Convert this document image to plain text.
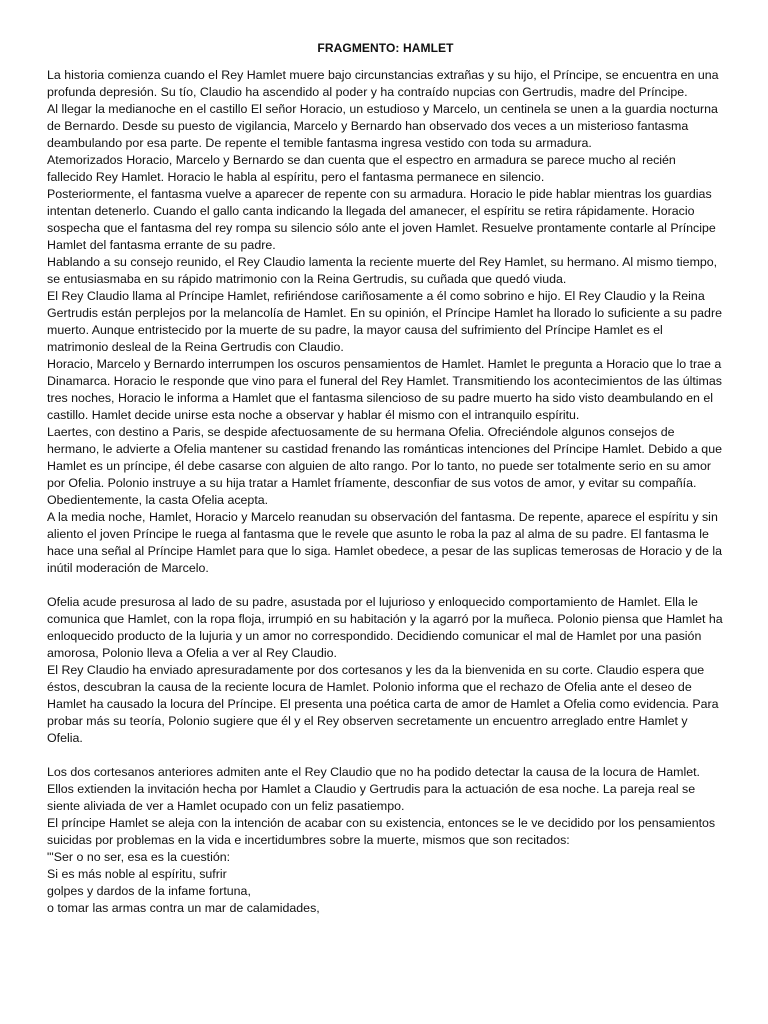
FRAGMENTO: HAMLET

La historia comienza cuando el Rey Hamlet muere bajo circunstancias extrañas y su hijo, el Príncipe, se encuentra en una profunda depresión. Su tío, Claudio ha ascendido al poder y ha contraído nupcias con Gertrudis, madre del Príncipe.

Al llegar la medianoche en el castillo El señor Horacio, un estudioso y Marcelo, un centinela se unen a la guardia nocturna de Bernardo. Desde su puesto de vigilancia, Marcelo y Bernardo han observado dos veces a un misterioso fantasma deambulando por esa parte. De repente el temible fantasma ingresa vestido con toda su armadura.

Atemorizados Horacio, Marcelo y Bernardo se dan cuenta que el espectro en armadura se parece mucho al recién fallecido Rey Hamlet. Horacio le habla al espíritu, pero el fantasma permanece en silencio.

Posteriormente, el fantasma vuelve a aparecer de repente con su armadura. Horacio le pide hablar mientras los guardias intentan detenerlo. Cuando el gallo canta indicando la llegada del amanecer, el espíritu se retira rápidamente. Horacio sospecha que el fantasma del rey rompa su silencio sólo ante el joven Hamlet. Resuelve prontamente contarle al Príncipe Hamlet del fantasma errante de su padre.

Hablando a su consejo reunido, el Rey Claudio lamenta la reciente muerte del Rey Hamlet, su hermano. Al mismo tiempo, se entusiasmaba en su rápido matrimonio con la Reina Gertrudis, su cuñada que quedó viuda.

El Rey Claudio llama al Príncipe Hamlet, refiriéndose cariñosamente a él como sobrino e hijo. El Rey Claudio y la Reina Gertrudis están perplejos por la melancolía de Hamlet. En su opinión, el Príncipe Hamlet ha llorado lo suficiente a su padre muerto. Aunque entristecido por la muerte de su padre, la mayor causa del sufrimiento del Príncipe Hamlet es el matrimonio desleal de la Reina Gertrudis con Claudio.

Horacio, Marcelo y Bernardo interrumpen los oscuros pensamientos de Hamlet. Hamlet le pregunta a Horacio que lo trae a Dinamarca. Horacio le responde que vino para el funeral del Rey Hamlet. Transmitiendo los acontecimientos de las últimas tres noches, Horacio le informa a Hamlet que el fantasma silencioso de su padre muerto ha sido visto deambulando en el castillo. Hamlet decide unirse esta noche a observar y hablar él mismo con el intranquilo espíritu.

Laertes, con destino a Paris, se despide afectuosamente de su hermana Ofelia. Ofreciéndole algunos consejos de hermano, le advierte a Ofelia mantener su castidad frenando las románticas intenciones del Príncipe Hamlet. Debido a que Hamlet es un príncipe, él debe casarse con alguien de alto rango. Por lo tanto, no puede ser totalmente serio en su amor por Ofelia. Polonio instruye a su hija tratar a Hamlet fríamente, desconfiar de sus votos de amor, y evitar su compañía. Obedientemente, la casta Ofelia acepta.

A la media noche, Hamlet, Horacio y Marcelo reanudan su observación del fantasma. De repente, aparece el espíritu y sin aliento el joven Príncipe le ruega al fantasma que le revele que asunto le roba la paz al alma de su padre. El fantasma le hace una señal al Príncipe Hamlet para que lo siga. Hamlet obedece, a pesar de las suplicas temerosas de Horacio y de la inútil moderación de Marcelo.

Ofelia acude presurosa al lado de su padre, asustada por el lujurioso y enloquecido comportamiento de Hamlet. Ella le comunica que Hamlet, con la ropa floja, irrumpió en su habitación y la agarró por la muñeca. Polonio piensa que Hamlet ha enloquecido producto de la lujuria y un amor no correspondido. Decidiendo comunicar el mal de Hamlet por una pasión amorosa, Polonio lleva a Ofelia a ver al Rey Claudio.

El Rey Claudio ha enviado apresuradamente por dos cortesanos y les da la bienvenida en su corte. Claudio espera que éstos, descubran la causa de la reciente locura de Hamlet. Polonio informa que el rechazo de Ofelia ante el deseo de Hamlet ha causado la locura del Príncipe. El presenta una poética carta de amor de Hamlet a Ofelia como evidencia. Para probar más su teoría, Polonio sugiere que él y el Rey observen secretamente un encuentro arreglado entre Hamlet y Ofelia.

Los dos cortesanos anteriores admiten ante el Rey Claudio que no ha podido detectar la causa de la locura de Hamlet. Ellos extienden la invitación hecha por Hamlet a Claudio y Gertrudis para la actuación de esa noche. La pareja real se siente aliviada de ver a Hamlet ocupado con un feliz pasatiempo.

El príncipe Hamlet se aleja con la intención de acabar con su existencia, entonces se le ve decidido por los pensamientos suicidas por problemas en la vida e incertidumbres sobre la muerte, mismos que son recitados:

"'Ser o no ser, esa es la cuestión:

Si es más noble al espíritu, sufrir

golpes y dardos de la infame fortuna,

o tomar las armas contra un mar de calamidades,
